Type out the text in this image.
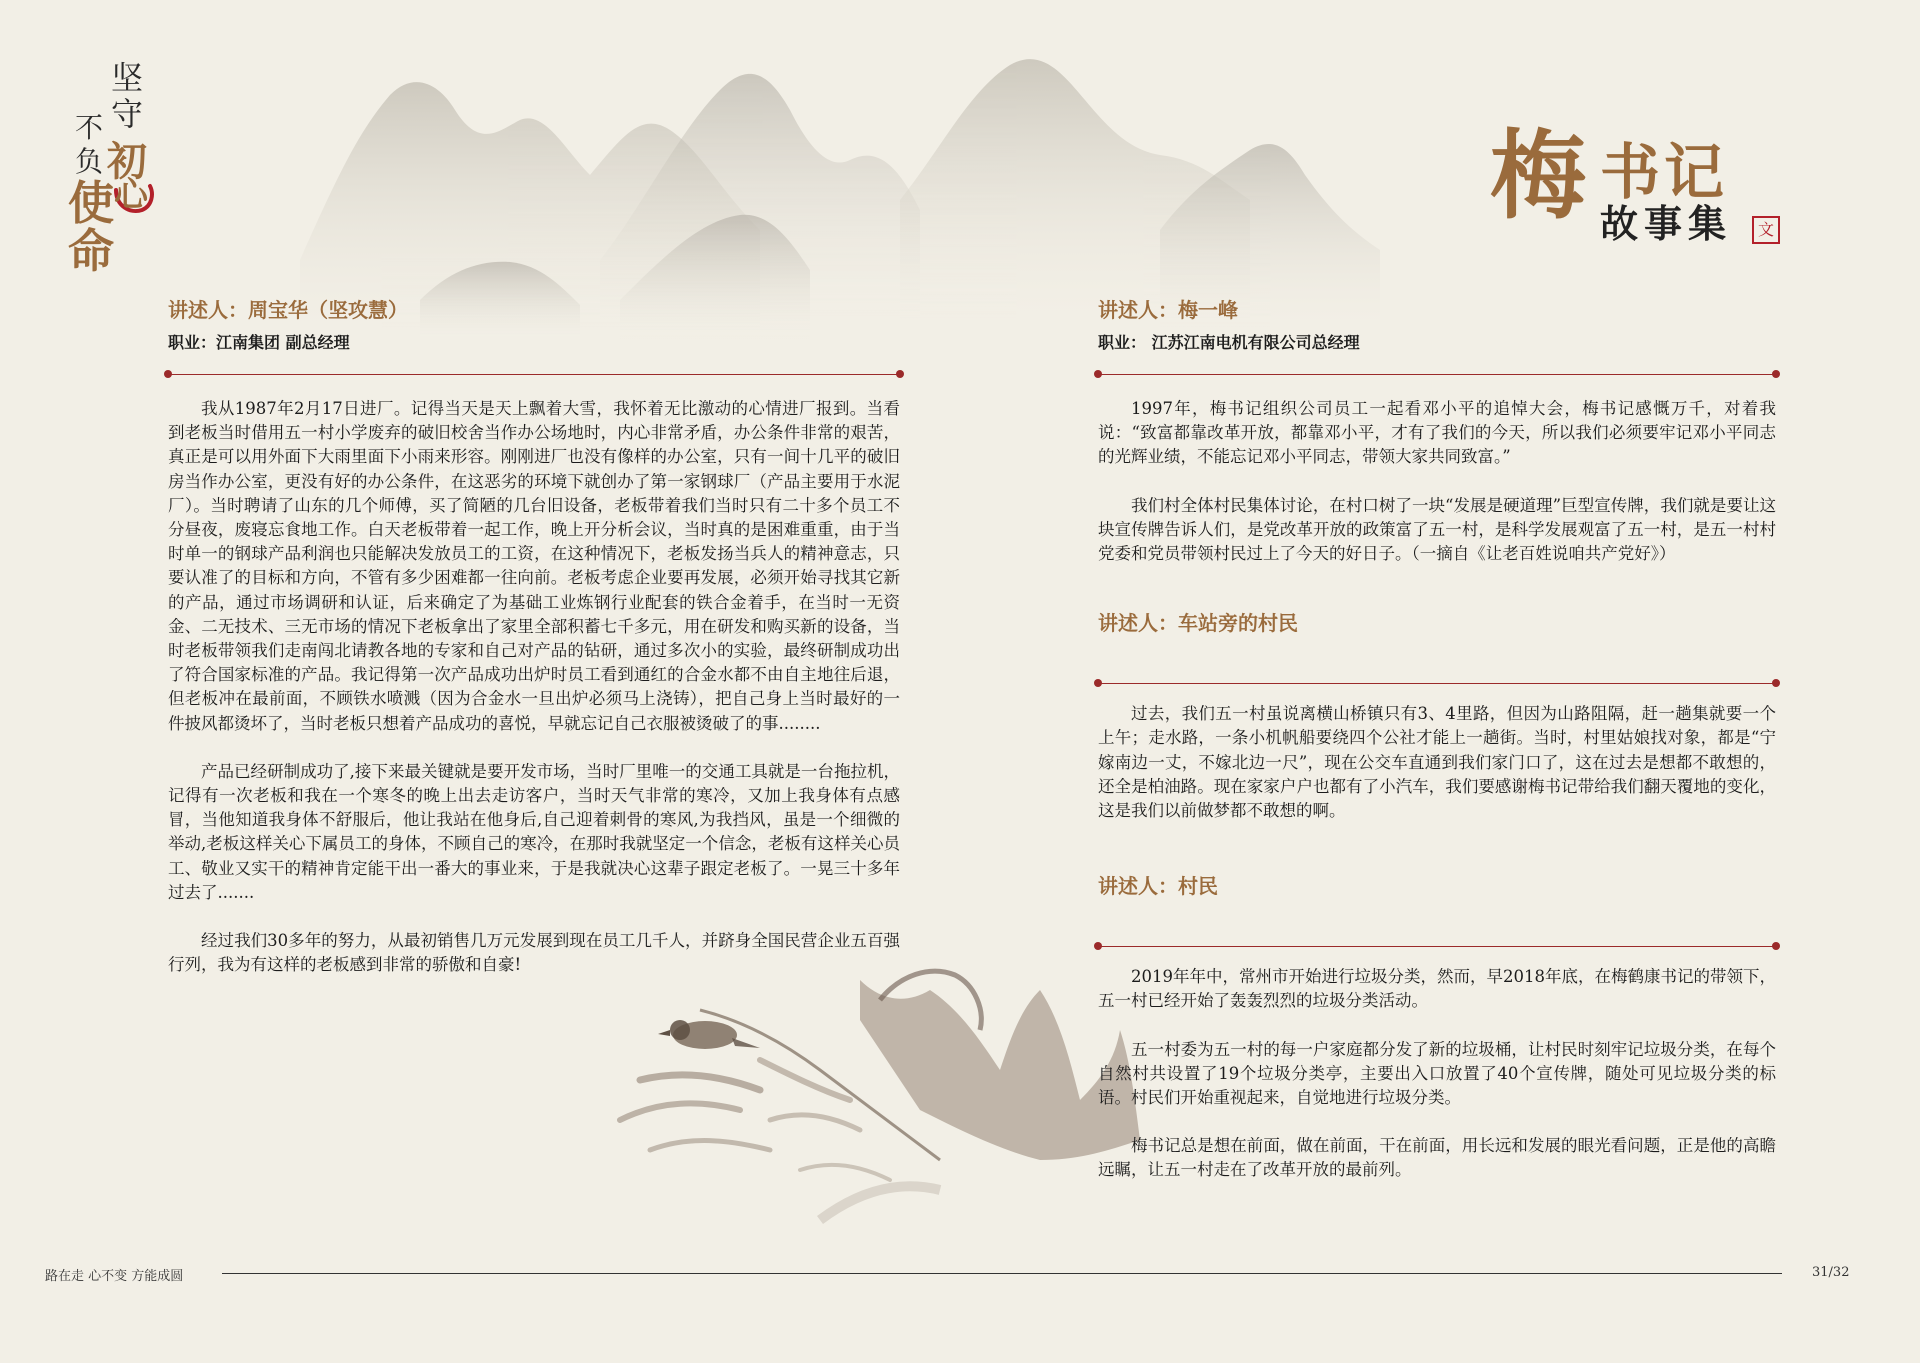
坚
守
不
负 初
心
使
命
梅 书记
故事集	文
讲述人：周宝华（坚攻慧）
职业：江南集团 副总经理

我从1987年2月17日进厂。记得当天是天上飘着大雪，我怀着无比激动的心情进厂报到。当看到老板当时借用五一村小学废弃的破旧校舍当作办公场地时，内心非常矛盾，办公条件非常的艰苦，真正是可以用外面下大雨里面下小雨来形容。刚刚进厂也没有像样的办公室，只有一间十几平的破旧房当作办公室，更没有好的办公条件，在这恶劣的环境下就创办了第一家钢球厂（产品主要用于水泥厂）。当时聘请了山东的几个师傅，买了简陋的几台旧设备，老板带着我们当时只有二十多个员工不分昼夜，废寝忘食地工作。白天老板带着一起工作，晚上开分析会议，当时真的是困难重重，由于当时单一的钢球产品利润也只能解决发放员工的工资，在这种情况下，老板发扬当兵人的精神意志，只要认准了的目标和方向，不管有多少困难都一往向前。老板考虑企业要再发展，必须开始寻找其它新的产品，通过市场调研和认证，后来确定了为基础工业炼钢行业配套的铁合金着手，在当时一无资金、二无技术、三无市场的情况下老板拿出了家里全部积蓄七千多元，用在研发和购买新的设备，当时老板带领我们走南闯北请教各地的专家和自己对产品的钻研，通过多次小的实验，最终研制成功出了符合国家标准的产品。我记得第一次产品成功出炉时员工看到通红的合金水都不由自主地往后退，但老板冲在最前面，不顾铁水喷溅（因为合金水一旦出炉必须马上浇铸），把自己身上当时最好的一件披风都烫坏了，当时老板只想着产品成功的喜悦，早就忘记自己衣服被烫破了的事........

产品已经研制成功了,接下来最关键就是要开发市场，当时厂里唯一的交通工具就是一台拖拉机，记得有一次老板和我在一个寒冬的晚上出去走访客户，当时天气非常的寒冷，又加上我身体有点感冒，当他知道我身体不舒服后，他让我站在他身后,自己迎着刺骨的寒风,为我挡风，虽是一个细微的举动,老板这样关心下属员工的身体，不顾自己的寒冷，在那时我就坚定一个信念，老板有这样关心员工、敬业又实干的精神肯定能干出一番大的事业来，于是我就决心这辈子跟定老板了。一晃三十多年过去了.......

经过我们30多年的努力，从最初销售几万元发展到现在员工几千人，并跻身全国民营企业五百强行列，我为有这样的老板感到非常的骄傲和自豪!

讲述人：梅一峰
职业： 江苏江南电机有限公司总经理

1997年，梅书记组织公司员工一起看邓小平的追悼大会，梅书记感慨万千，对着我说：“致富都靠改革开放，都靠邓小平，才有了我们的今天，所以我们必须要牢记邓小平同志的光辉业绩，不能忘记邓小平同志，带领大家共同致富。”

我们村全体村民集体讨论，在村口树了一块“发展是硬道理”巨型宣传牌，我们就是要让这块宣传牌告诉人们，是党改革开放的政策富了五一村，是科学发展观富了五一村，是五一村村党委和党员带领村民过上了今天的好日子。（一摘自《让老百姓说咱共产党好》）

讲述人：车站旁的村民

过去，我们五一村虽说离横山桥镇只有3、4里路，但因为山路阻隔，赶一趟集就要一个上午；走水路，一条小机帆船要绕四个公社才能上一趟街。当时，村里姑娘找对象，都是“宁嫁南边一丈，不嫁北边一尺”，现在公交车直通到我们家门口了，这在过去是想都不敢想的，还全是柏油路。现在家家户户也都有了小汽车，我们要感谢梅书记带给我们翻天覆地的变化，这是我们以前做梦都不敢想的啊。

讲述人：村民

2019年年中，常州市开始进行垃圾分类，然而，早2018年底，在梅鹤康书记的带领下，五一村已经开始了轰轰烈烈的垃圾分类活动。

五一村委为五一村的每一户家庭都分发了新的垃圾桶，让村民时刻牢记垃圾分类，在每个自然村共设置了19个垃圾分类亭，主要出入口放置了40个宣传牌，随处可见垃圾分类的标语。村民们开始重视起来，自觉地进行垃圾分类。

梅书记总是想在前面，做在前面，干在前面，用长远和发展的眼光看问题，正是他的高瞻远瞩，让五一村走在了改革开放的最前列。

路在走 心不变 方能成圆	31/32
